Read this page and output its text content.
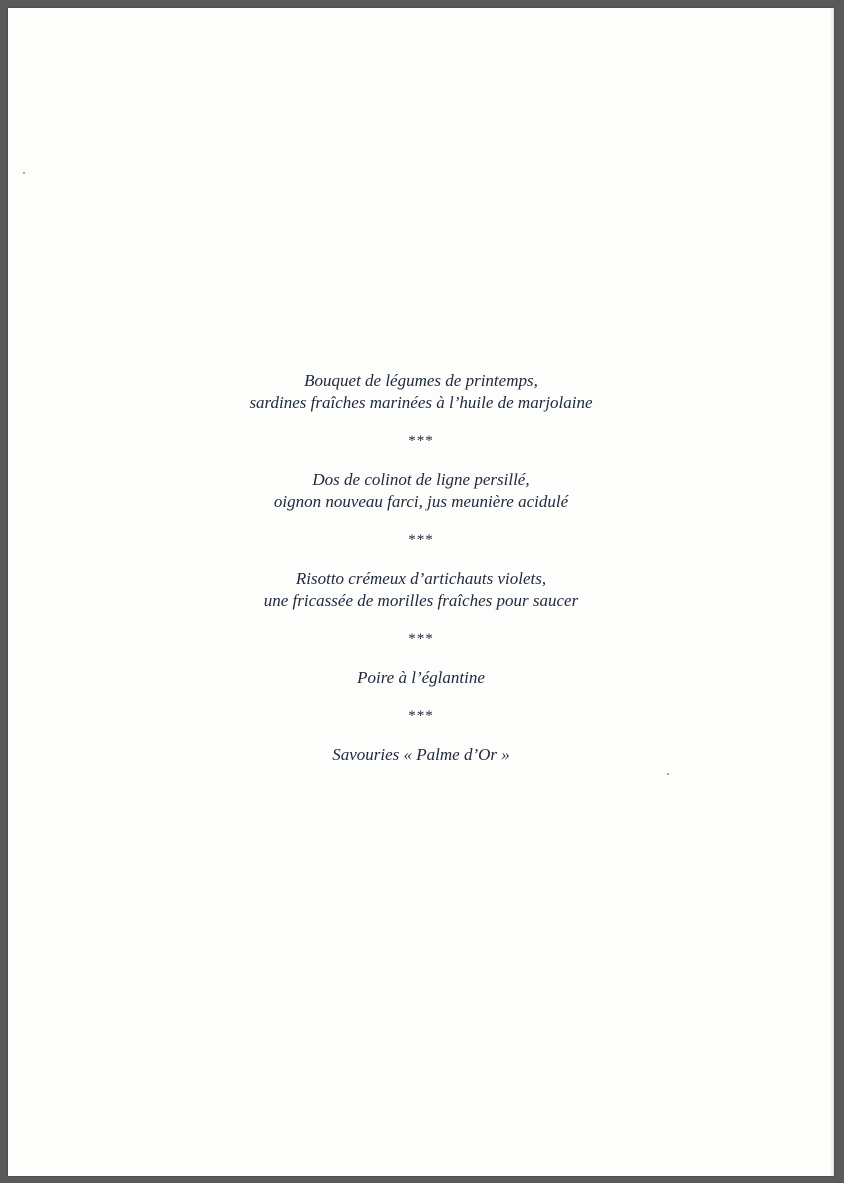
Bouquet de légumes de printemps,
sardines fraîches marinées à l’huile de marjolaine
***
Dos de colinot de ligne persillé,
oignon nouveau farci, jus meunière acidulé
***
Risotto crémeux d’artichauts violets,
une fricassée de morilles fraîches pour saucer
***
Poire à l’églantine
***
Savouries « Palme d’Or »
